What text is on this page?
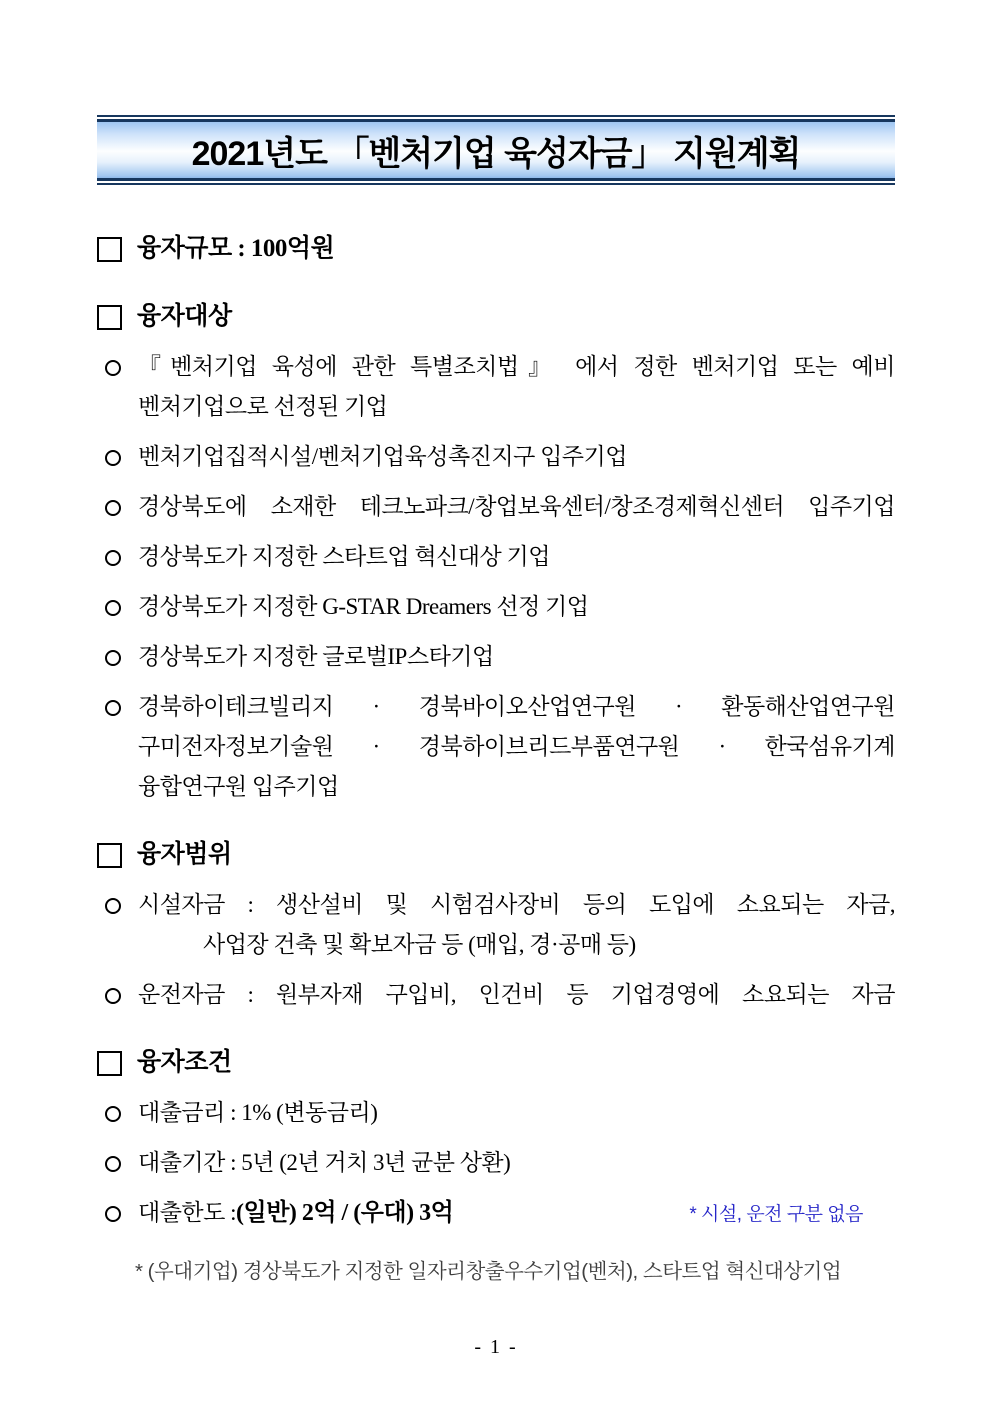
2021년도 「벤처기업 육성자금」 지원계획
융자규모 : 100억원
융자대상
『벤처기업 육성에 관한 특별조치법』 에서 정한 벤처기업 또는 예비
벤처기업으로 선정된 기업
벤처기업집적시설/벤처기업육성촉진지구 입주기업
경상북도에 소재한 테크노파크/창업보육센터/창조경제혁신센터 입주기업
경상북도가 지정한 스타트업 혁신대상 기업
경상북도가 지정한 G-STAR Dreamers 선정 기업
경상북도가 지정한 글로벌IP스타기업
경북하이테크빌리지 · 경북바이오산업연구원 · 환동해산업연구원
구미전자정보기술원 · 경북하이브리드부품연구원 · 한국섬유기계
융합연구원 입주기업
융자범위
시설자금 : 생산설비 및 시험검사장비 등의 도입에 소요되는 자금,
사업장 건축 및 확보자금 등 (매입, 경·공매 등)
운전자금 : 원부자재 구입비, 인건비 등 기업경영에 소요되는 자금
융자조건
대출금리 : 1% (변동금리)
대출기간 : 5년 (2년 거치 3년 균분 상환)
대출한도 : (일반) 2억 / (우대) 3억	* 시설, 운전 구분 없음
* (우대기업) 경상북도가 지정한 일자리창출우수기업(벤처), 스타트업 혁신대상기업
- 1 -
